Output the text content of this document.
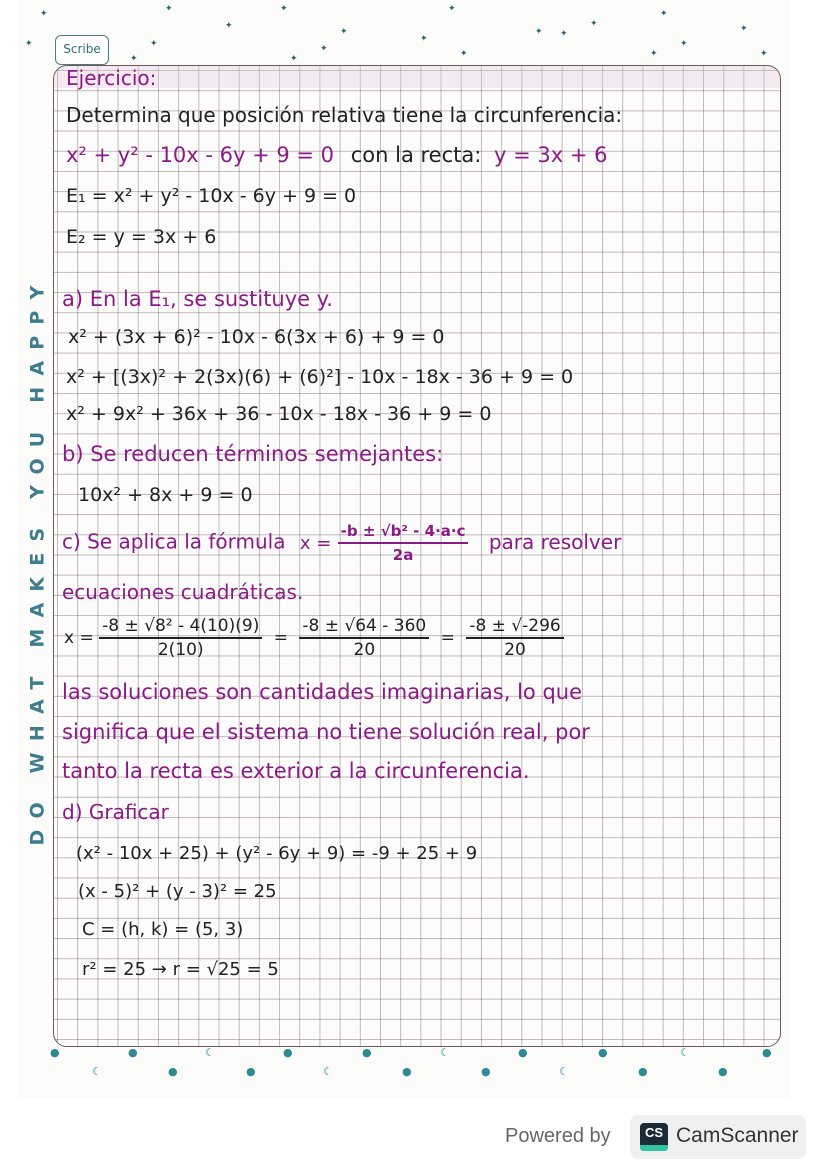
✦
✦
✦
✦
✦
✦
✦
✦
✦
✦
✦	✦
✦	✦
✦
✦
✦	✦	✦	✦	✦
Scribe
DO WHAT MAKES YOU HAPPY
Ejercicio:
Determina que posición relativa tiene la circunferencia:
x² + y² - 10x - 6y + 9 = 0 con la recta: y = 3x + 6
E₁ = x² + y² - 10x - 6y + 9 = 0
E₂ = y = 3x + 6
a) En la E₁, se sustituye y.
x² + (3x + 6)² - 10x - 6(3x + 6) + 9 = 0
x² + [(3x)² + 2(3x)(6) + (6)²] - 10x - 18x - 36 + 9 = 0
x² + 9x² + 36x + 36 - 10x - 18x - 36 + 9 = 0
b) Se reducen términos semejantes:
10x² + 8x + 9 = 0
c) Se aplica la fórmula $x = \frac{\text{-b ± √b² - 4·a·c}}{2a}$ para resolver
ecuaciones cuadráticas.
$x = \frac{\text{-8 ± √8² - 4(10)(9)}}{2(10)} = \frac{-8 \pm √64 - 360}{20} = \frac{-8 \pm √-296}{20}$
las soluciones son cantidades imaginarias, lo que
significa que el sistema no tiene solución real, por
tanto la recta es exterior a la circunferencia.
d) Graficar
(x² - 10x + 25) + (y² - 6y + 9) = -9 + 25 + 9
(x - 5)² + (y - 3)² = 25
C = (h, k) = (5, 3)
r² = 25 → r = √25 = 5
●	●	☾	●	●	☾	●	●	☾	●
☾	●	●	☾	●	●	☾	●	●
Powered by	CS CamScanner
